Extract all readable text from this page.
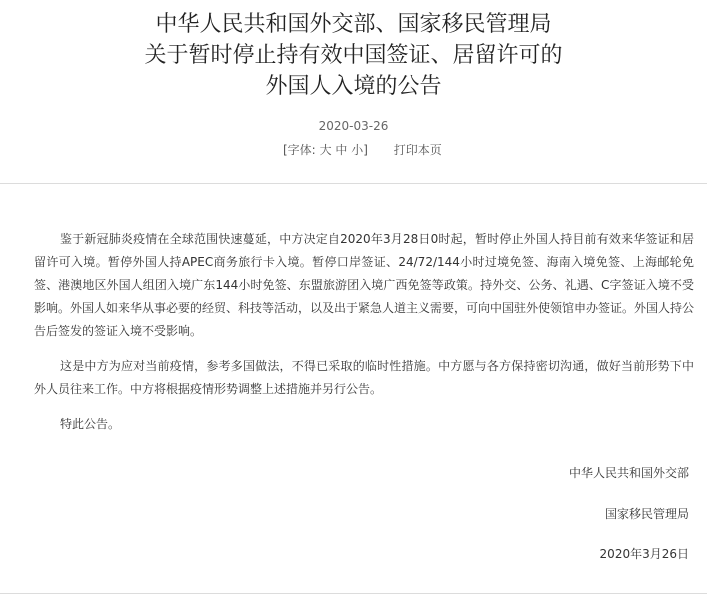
中华人民共和国外交部、国家移民管理局
关于暂时停止持有效中国签证、居留许可的
外国人入境的公告
2020-03-26
[字体: 大 中 小] 打印本页

鉴于新冠肺炎疫情在全球范围快速蔓延，中方决定自2020年3月28日0时起，暂时停止外国人持目前有效来华签证和居留许可入境。暂停外国人持APEC商务旅行卡入境。暂停口岸签证、24/72/144小时过境免签、海南入境免签、上海邮轮免签、港澳地区外国人组团入境广东144小时免签、东盟旅游团入境广西免签等政策。持外交、公务、礼遇、C字签证入境不受影响。外国人如来华从事必要的经贸、科技等活动，以及出于紧急人道主义需要，可向中国驻外使领馆申办签证。外国人持公告后签发的签证入境不受影响。

这是中方为应对当前疫情，参考多国做法，不得已采取的临时性措施。中方愿与各方保持密切沟通，做好当前形势下中外人员往来工作。中方将根据疫情形势调整上述措施并另行公告。

特此公告。

中华人民共和国外交部
国家移民管理局
2020年3月26日
